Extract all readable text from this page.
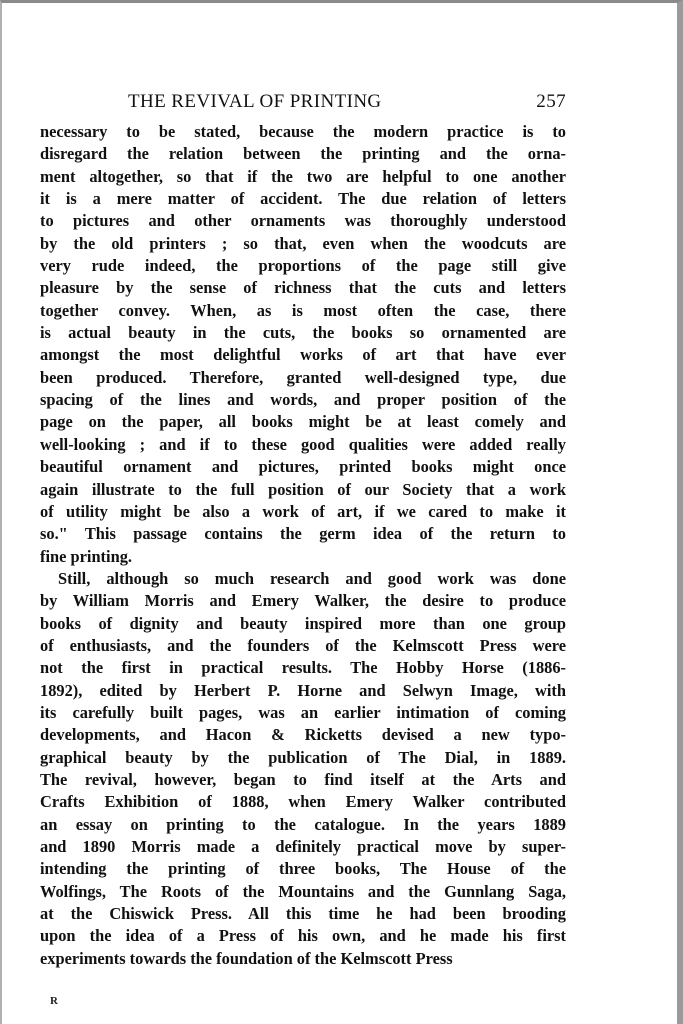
THE REVIVAL OF PRINTING	257
necessary to be stated, because the modern practice is to
disregard the relation between the printing and the orna-
ment altogether, so that if the two are helpful to one another
it is a mere matter of accident. The due relation of letters
to pictures and other ornaments was thoroughly understood
by the old printers ; so that, even when the woodcuts are
very rude indeed, the proportions of the page still give
pleasure by the sense of richness that the cuts and letters
together convey. When, as is most often the case, there
is actual beauty in the cuts, the books so ornamented are
amongst the most delightful works of art that have ever
been produced. Therefore, granted well-designed type, due
spacing of the lines and words, and proper position of the
page on the paper, all books might be at least comely and
well-looking ; and if to these good qualities were added really
beautiful ornament and pictures, printed books might once
again illustrate to the full position of our Society that a work
of utility might be also a work of art, if we cared to make it
so." This passage contains the germ idea of the return to
fine printing.
Still, although so much research and good work was done
by William Morris and Emery Walker, the desire to produce
books of dignity and beauty inspired more than one group
of enthusiasts, and the founders of the Kelmscott Press were
not the first in practical results. The Hobby Horse (1886-
1892), edited by Herbert P. Horne and Selwyn Image, with
its carefully built pages, was an earlier intimation of coming
developments, and Hacon & Ricketts devised a new typo-
graphical beauty by the publication of The Dial, in 1889.
The revival, however, began to find itself at the Arts and
Crafts Exhibition of 1888, when Emery Walker contributed
an essay on printing to the catalogue. In the years 1889
and 1890 Morris made a definitely practical move by super-
intending the printing of three books, The House of the
Wolfings, The Roots of the Mountains and the Gunnlang Saga,
at the Chiswick Press. All this time he had been brooding
upon the idea of a Press of his own, and he made his first
experiments towards the foundation of the Kelmscott Press
R
